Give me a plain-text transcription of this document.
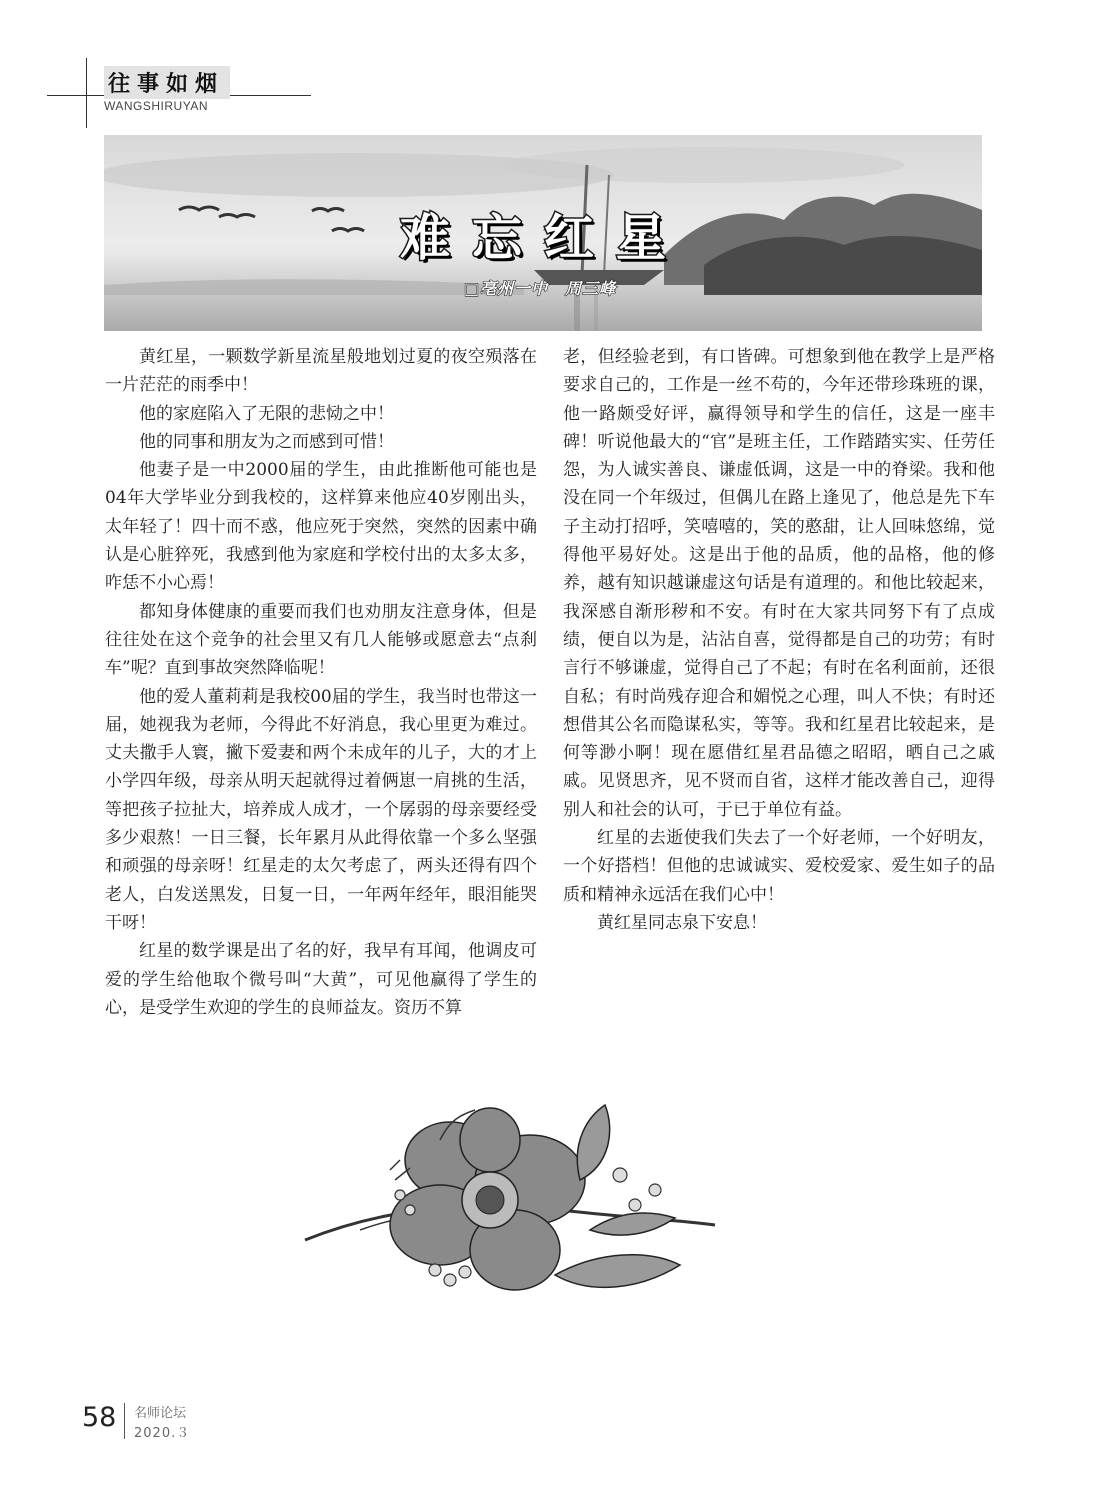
往事如烟
WANGSHIRUYAN
难忘红星
□亳州一中　周三峰

黄红星，一颗数学新星流星般地划过夏的夜空殒落在一片茫茫的雨季中！

他的家庭陷入了无限的悲恸之中！

他的同事和朋友为之而感到可惜！

他妻子是一中2000届的学生，由此推断他可能也是04年大学毕业分到我校的，这样算来他应40岁刚出头，太年轻了！四十而不惑，他应死于突然，突然的因素中确认是心脏猝死，我感到他为家庭和学校付出的太多太多，咋恁不小心焉！

都知身体健康的重要而我们也劝朋友注意身体，但是往往处在这个竞争的社会里又有几人能够或愿意去“点刹车”呢？直到事故突然降临呢！

他的爱人董莉莉是我校00届的学生，我当时也带这一届，她视我为老师，今得此不好消息，我心里更为难过。丈夫撒手人寰，撇下爱妻和两个未成年的儿子，大的才上小学四年级，母亲从明天起就得过着俩崽一肩挑的生活，等把孩子拉扯大，培养成人成才，一个孱弱的母亲要经受多少艰熬！一日三餐，长年累月从此得依靠一个多么坚强和顽强的母亲呀！红星走的太欠考虑了，两头还得有四个老人，白发送黑发，日复一日，一年两年经年，眼泪能哭干呀！

红星的数学课是出了名的好，我早有耳闻，他调皮可爱的学生给他取个微号叫“大黄”，可见他赢得了学生的心，是受学生欢迎的学生的良师益友。资历不算

老，但经验老到，有口皆碑。可想象到他在教学上是严格要求自己的，工作是一丝不苟的，今年还带珍珠班的课，他一路颇受好评，赢得领导和学生的信任，这是一座丰碑！听说他最大的“官”是班主任，工作踏踏实实、任劳任怨，为人诚实善良、谦虚低调，这是一中的脊梁。我和他没在同一个年级过，但偶儿在路上逢见了，他总是先下车子主动打招呼，笑嘻嘻的，笑的憨甜，让人回味悠绵，觉得他平易好处。这是出于他的品质，他的品格，他的修养，越有知识越谦虚这句话是有道理的。和他比较起来，我深感自渐形秽和不安。有时在大家共同努下有了点成绩，便自以为是，沾沾自喜，觉得都是自己的功劳；有时言行不够谦虚，觉得自己了不起；有时在名利面前，还很自私；有时尚残存迎合和媚悦之心理，叫人不快；有时还想借其公名而隐谋私实，等等。我和红星君比较起来，是何等渺小啊！现在愿借红星君品德之昭昭，晒自己之戚戚。见贤思齐，见不贤而自省，这样才能改善自己，迎得别人和社会的认可，于已于单位有益。

红星的去逝使我们失去了一个好老师，一个好明友，一个好搭档！但他的忠诚诚实、爱校爱家、爱生如子的品质和精神永远活在我们心中！

黄红星同志泉下安息！

58 名师论坛
2020.３
